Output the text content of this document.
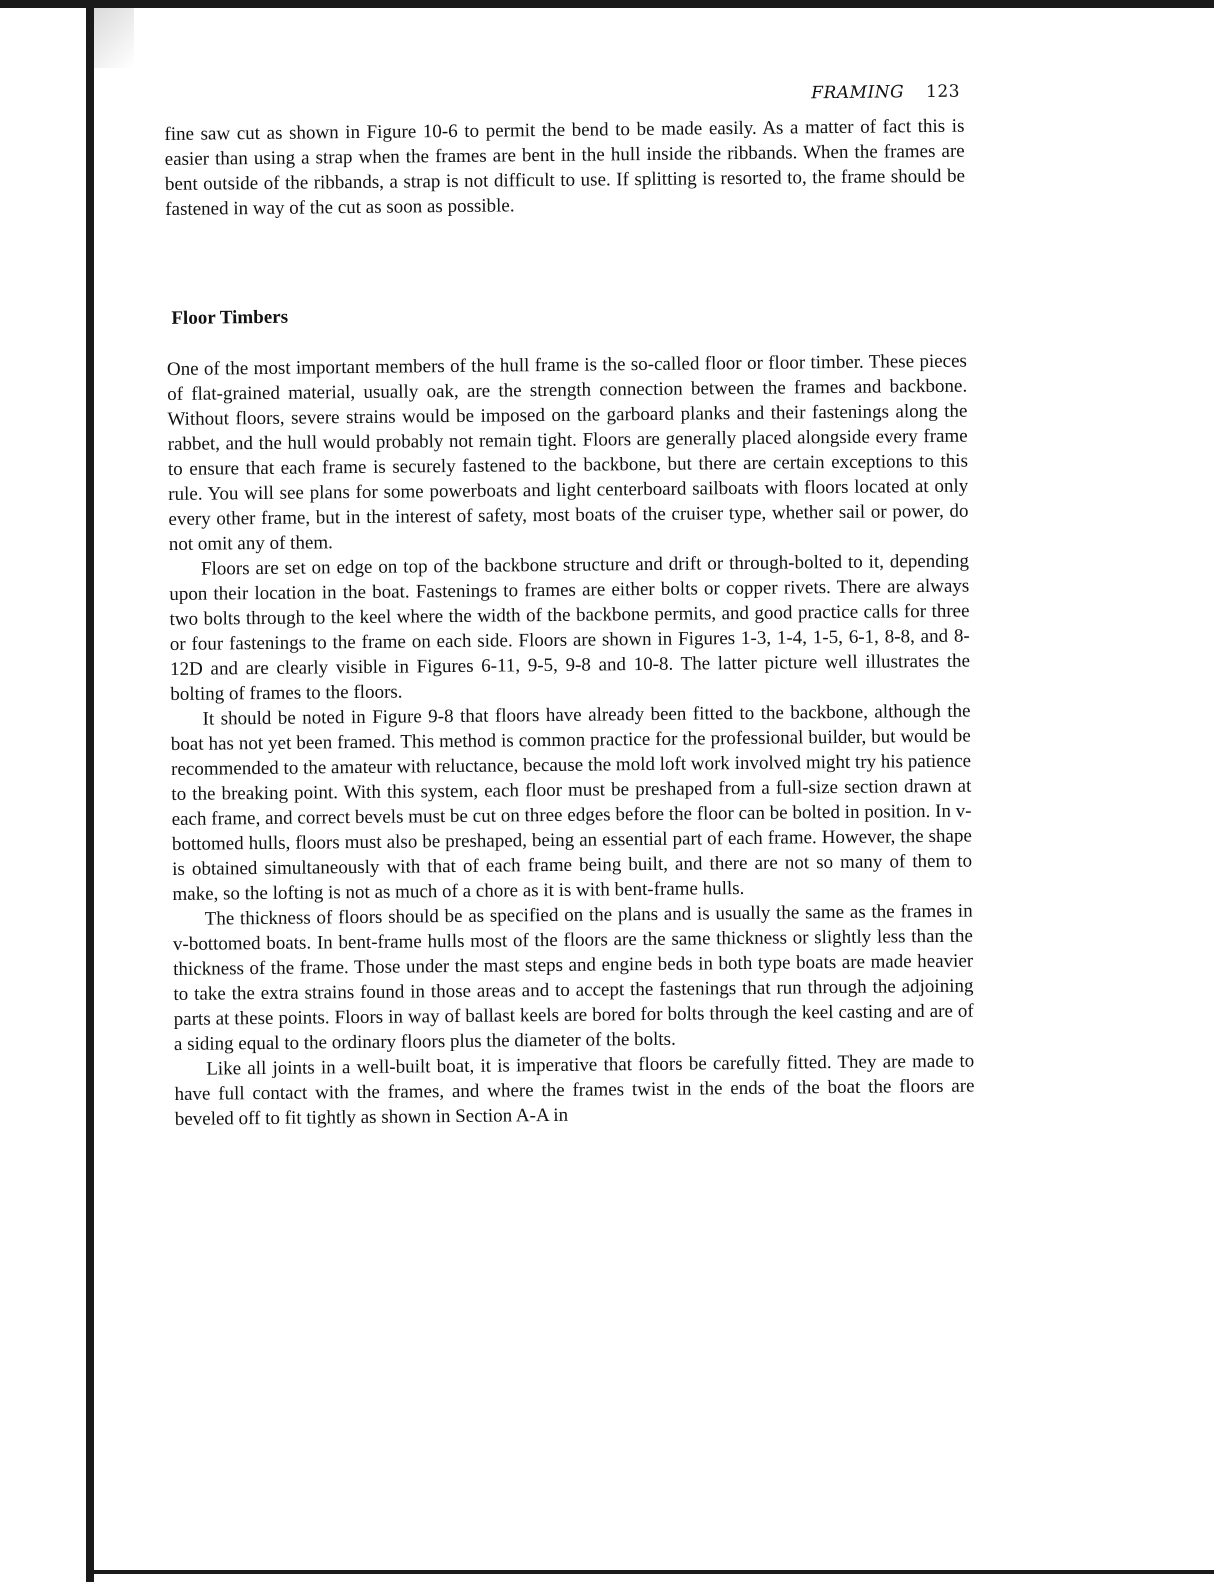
FRAMING 123

fine saw cut as shown in Figure 10-6 to permit the bend to be made easily. As a matter of fact this is easier than using a strap when the frames are bent in the hull inside the ribbands. When the frames are bent outside of the ribbands, a strap is not difficult to use. If splitting is resorted to, the frame should be fastened in way of the cut as soon as possible.

Floor Timbers

One of the most important members of the hull frame is the so-called floor or floor timber. These pieces of flat-grained material, usually oak, are the strength connection between the frames and backbone. Without floors, severe strains would be imposed on the garboard planks and their fastenings along the rabbet, and the hull would probably not remain tight. Floors are generally placed alongside every frame to ensure that each frame is securely fastened to the backbone, but there are certain exceptions to this rule. You will see plans for some powerboats and light centerboard sailboats with floors located at only every other frame, but in the interest of safety, most boats of the cruiser type, whether sail or power, do not omit any of them.

Floors are set on edge on top of the backbone structure and drift or through-bolted to it, depending upon their location in the boat. Fastenings to frames are either bolts or copper rivets. There are always two bolts through to the keel where the width of the backbone permits, and good practice calls for three or four fastenings to the frame on each side. Floors are shown in Figures 1-3, 1-4, 1-5, 6-1, 8-8, and 8-12D and are clearly visible in Figures 6-11, 9-5, 9-8 and 10-8. The latter picture well illustrates the bolting of frames to the floors.

It should be noted in Figure 9-8 that floors have already been fitted to the backbone, although the boat has not yet been framed. This method is common practice for the professional builder, but would be recommended to the amateur with reluctance, because the mold loft work involved might try his patience to the breaking point. With this system, each floor must be preshaped from a full-size section drawn at each frame, and correct bevels must be cut on three edges before the floor can be bolted in position. In v-bottomed hulls, floors must also be preshaped, being an essential part of each frame. However, the shape is obtained simultaneously with that of each frame being built, and there are not so many of them to make, so the lofting is not as much of a chore as it is with bent-frame hulls.

The thickness of floors should be as specified on the plans and is usually the same as the frames in v-bottomed boats. In bent-frame hulls most of the floors are the same thickness or slightly less than the thickness of the frame. Those under the mast steps and engine beds in both type boats are made heavier to take the extra strains found in those areas and to accept the fastenings that run through the adjoining parts at these points. Floors in way of ballast keels are bored for bolts through the keel casting and are of a siding equal to the ordinary floors plus the diameter of the bolts.

Like all joints in a well-built boat, it is imperative that floors be carefully fitted. They are made to have full contact with the frames, and where the frames twist in the ends of the boat the floors are beveled off to fit tightly as shown in Section A-A in
